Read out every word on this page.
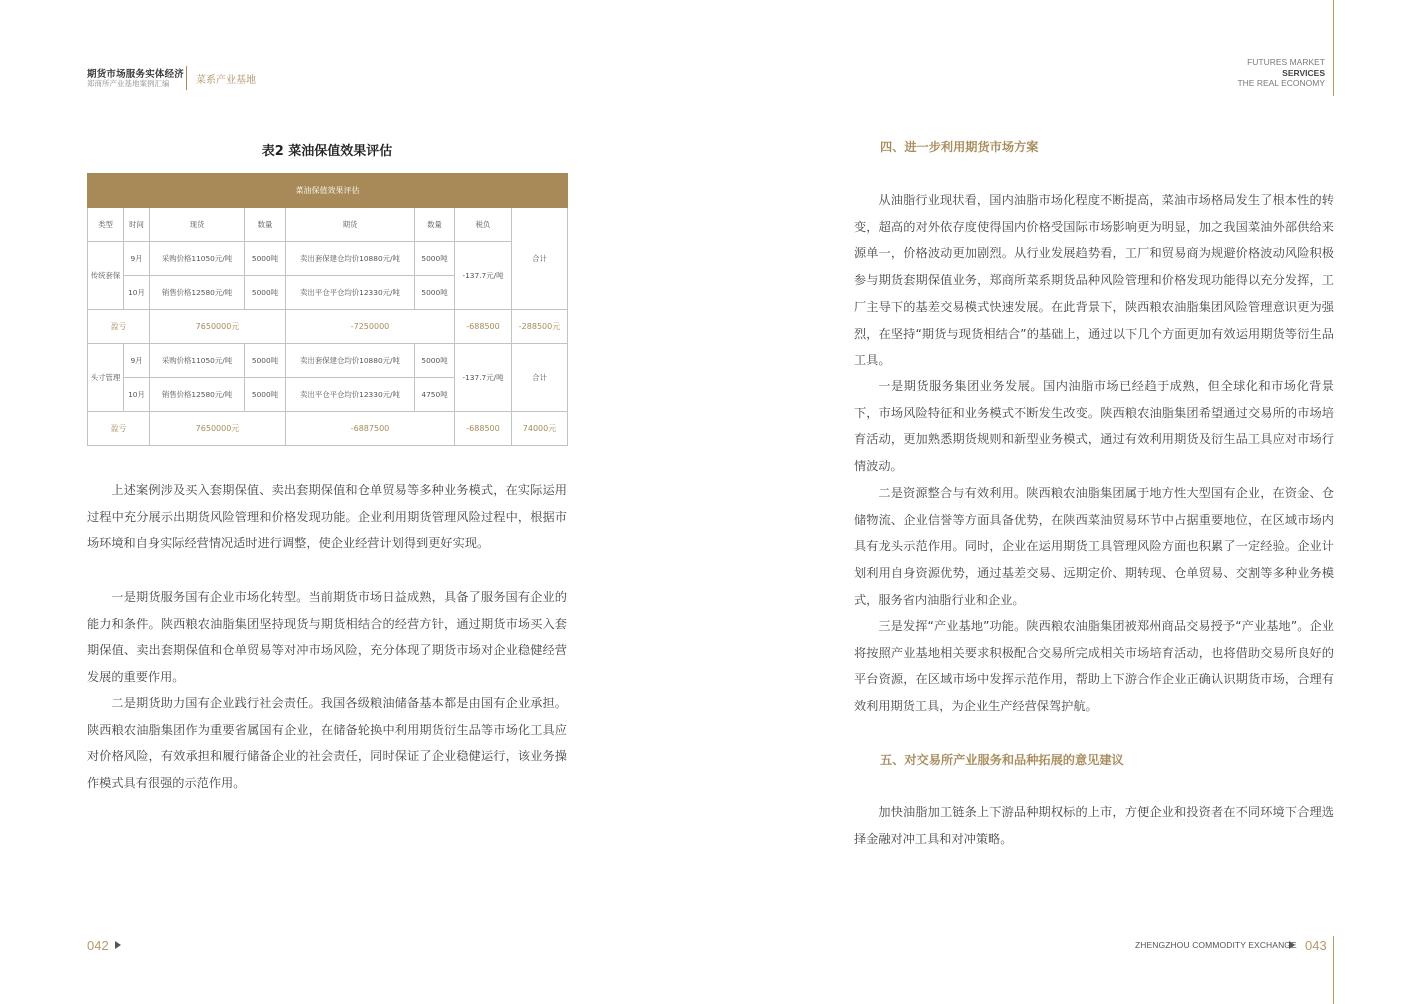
期货市场服务实体经济
郑商所产业基地案例汇编	菜系产业基地
FUTURES MARKET
SERVICES
THE REAL ECONOMY
表2 菜油保值效果评估
菜油保值效果评估							
类型	时间	现货	数量	期货	数量	税负	合计
传统套保	9月	采购价格11050元/吨	5000吨	卖出套保建仓均价10880元/吨	5000吨	-137.7元/吨	
	10月	销售价格12580元/吨	5000吨	卖出平仓平仓均价12330元/吨	5000吨		
盈亏		7650000元		-7250000		-688500	-288500元
头寸管理	9月	采购价格11050元/吨	5000吨	卖出套保建仓均价10880元/吨	5000吨	-137.7元/吨	合计
	10月	销售价格12580元/吨	5000吨	卖出平仓平仓均价12330元/吨	4750吨		
盈亏		7650000元		-6887500		-688500	74000元
上述案例涉及买入套期保值、卖出套期保值和仓单贸易等多种业务模式，在实际运用过程中充分展示出期货风险管理和价格发现功能。企业利用期货管理风险过程中，根据市场环境和自身实际经营情况适时进行调整，使企业经营计划得到更好实现。
一是期货服务国有企业市场化转型。当前期货市场日益成熟，具备了服务国有企业的能力和条件。陕西粮农油脂集团坚持现货与期货相结合的经营方针，通过期货市场买入套期保值、卖出套期保值和仓单贸易等对冲市场风险，充分体现了期货市场对企业稳健经营发展的重要作用。
二是期货助力国有企业践行社会责任。我国各级粮油储备基本都是由国有企业承担。陕西粮农油脂集团作为重要省属国有企业，在储备轮换中利用期货衍生品等市场化工具应对价格风险，有效承担和履行储备企业的社会责任，同时保证了企业稳健运行，该业务操作模式具有很强的示范作用。
四、进一步利用期货市场方案
从油脂行业现状看，国内油脂市场化程度不断提高，菜油市场格局发生了根本性的转变，超高的对外依存度使得国内价格受国际市场影响更为明显，加之我国菜油外部供给来源单一，价格波动更加剧烈。从行业发展趋势看，工厂和贸易商为规避价格波动风险积极参与期货套期保值业务，郑商所菜系期货品种风险管理和价格发现功能得以充分发挥，工厂主导下的基差交易模式快速发展。在此背景下，陕西粮农油脂集团风险管理意识更为强烈，在坚持“期货与现货相结合”的基础上，通过以下几个方面更加有效运用期货等衍生品工具。
一是期货服务集团业务发展。国内油脂市场已经趋于成熟，但全球化和市场化背景下，市场风险特征和业务模式不断发生改变。陕西粮农油脂集团希望通过交易所的市场培育活动，更加熟悉期货规则和新型业务模式，通过有效利用期货及衍生品工具应对市场行情波动。
二是资源整合与有效利用。陕西粮农油脂集团属于地方性大型国有企业，在资金、仓储物流、企业信誉等方面具备优势，在陕西菜油贸易环节中占据重要地位，在区域市场内具有龙头示范作用。同时，企业在运用期货工具管理风险方面也积累了一定经验。企业计划利用自身资源优势，通过基差交易、远期定价、期转现、仓单贸易、交割等多种业务模式，服务省内油脂行业和企业。
三是发挥“产业基地”功能。陕西粮农油脂集团被郑州商品交易授予“产业基地”。企业将按照产业基地相关要求积极配合交易所完成相关市场培育活动，也将借助交易所良好的平台资源，在区域市场中发挥示范作用，帮助上下游合作企业正确认识期货市场，合理有效利用期货工具，为企业生产经营保驾护航。
五、对交易所产业服务和品种拓展的意见建议
加快油脂加工链条上下游品种期权标的上市，方便企业和投资者在不同环境下合理选择金融对冲工具和对冲策略。
042	ZHENGZHOU COMMODITY EXCHANGE 043
